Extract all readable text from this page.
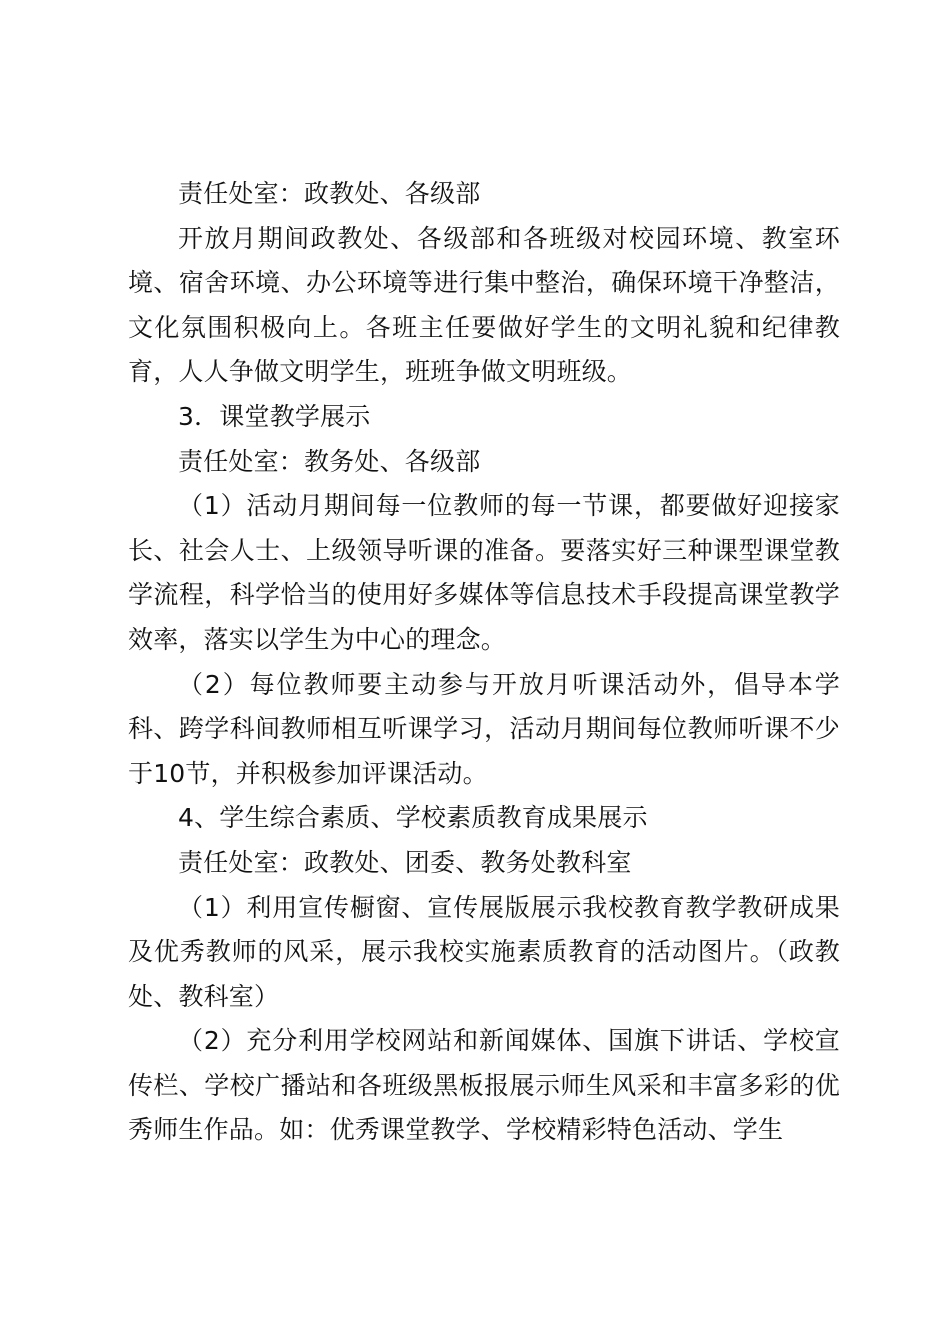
责任处室：政教处、各级部

开放月期间政教处、各级部和各班级对校园环境、教室环境、宿舍环境、办公环境等进行集中整治，确保环境干净整洁，文化氛围积极向上。各班主任要做好学生的文明礼貌和纪律教育，人人争做文明学生，班班争做文明班级。

3．课堂教学展示

责任处室：教务处、各级部

（1）活动月期间每一位教师的每一节课，都要做好迎接家长、社会人士、上级领导听课的准备。要落实好三种课型课堂教学流程，科学恰当的使用好多媒体等信息技术手段提高课堂教学效率，落实以学生为中心的理念。

（2）每位教师要主动参与开放月听课活动外，倡导本学科、跨学科间教师相互听课学习，活动月期间每位教师听课不少于10节，并积极参加评课活动。

4、学生综合素质、学校素质教育成果展示

责任处室：政教处、团委、教务处教科室

（1）利用宣传橱窗、宣传展版展示我校教育教学教研成果及优秀教师的风采，展示我校实施素质教育的活动图片。（政教处、教科室）

（2）充分利用学校网站和新闻媒体、国旗下讲话、学校宣传栏、学校广播站和各班级黑板报展示师生风采和丰富多彩的优秀师生作品。如：优秀课堂教学、学校精彩特色活动、学生
